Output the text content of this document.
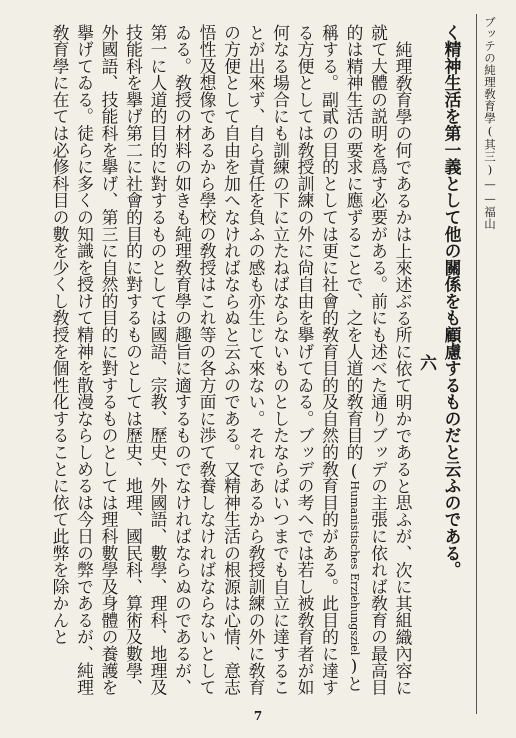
ブッテの純理敎育學(其三)——福山

く精神生活を第一義として他の關係をも顧慮するものだと云ふのである。

六

純理敎育學の何であるかは上來述ぶる所に依て明かであると思ふが、次に其組織內容に就て大體の説明を爲す必要がある。前にも述べた通りブッデの主張に依れば敎育の最高目的は精神生活の要求に應ずることで、之を人道的敎育目的(Humanistisches Erziehungsziel)と稱する。副貳の目的としては更に社會的敎育目的及自然的敎育目的がある。此目的に達する方便としては敎授訓練の外に尙自由を擧げてゐる。ブッデの考へでは若し被敎育者が如何なる場合にも訓練の下に立たねばならないものとしたならばいつまでも自立に達することが出來ず、自ら責任を負ふの感も亦生じて來ない。それであるから敎授訓練の外に敎育の方便として自由を加へなければならぬと云ふのである。又精神生活の根源は心情、意志悟性及想像であるから學校の敎授はこれ等の各方面に渉て敎養しなければならないとしてゐる。敎授の材料の如きも純理敎育學の趣旨に適するものでなければならぬのであるが、第一に人道的目的に對するものとしては國語、宗教、歷史、外國語、數學、理科、地理及技能科を擧げ第二に社會的目的に對するものとしては歷史、地理、國民科、算術及數學、外國語、技能科を擧げ、第三に自然的目的に對するものとしては理科數學及身體の養護を擧げてゐる。徒らに多くの知識を授けて精神を散漫ならしめるは今日の弊であるが、純理敎育學に在ては必修科目の數を少くし敎授を個性化することに依て此弊を除かんと

7
